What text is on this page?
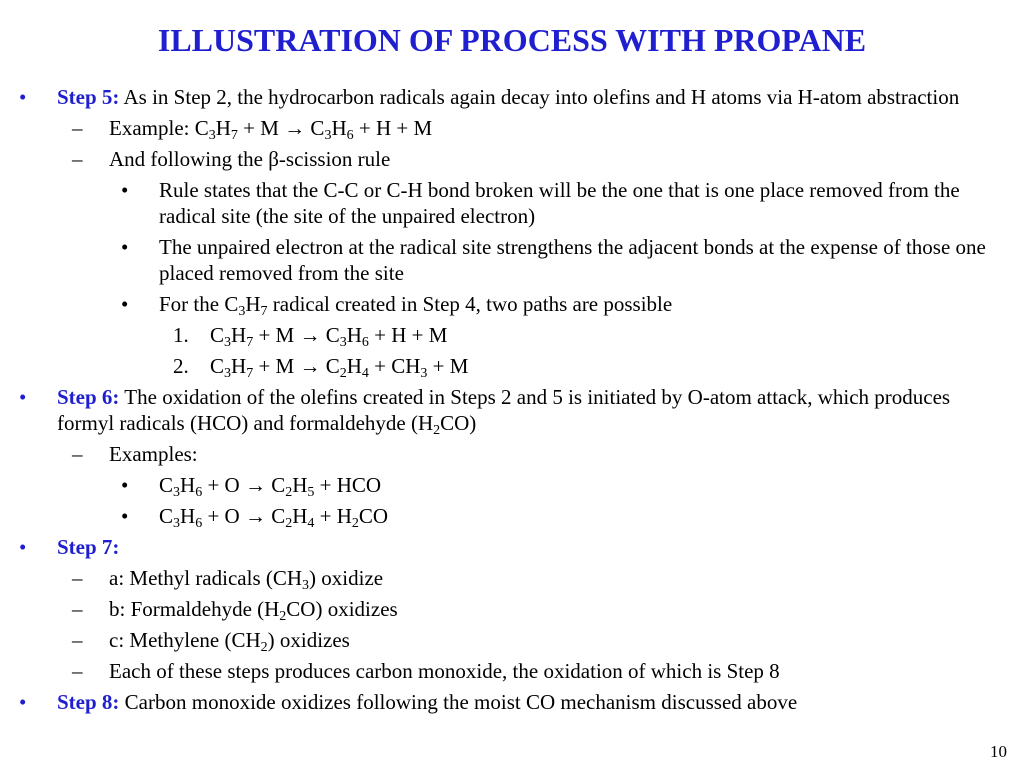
ILLUSTRATION OF PROCESS WITH PROPANE
• Step 5: As in Step 2, the hydrocarbon radicals again decay into olefins and H atoms via H-atom abstraction
– Example: $C_3H_7 + M \to C_3H_6 + H + M$
– And following the β-scission rule
• Rule states that the C-C or C-H bond broken will be the one that is one place removed from the radical site (the site of the unpaired electron)
• The unpaired electron at the radical site strengthens the adjacent bonds at the expense of those one placed removed from the site
• For the $C_3H_7$ radical created in Step 4, two paths are possible
1. $C_3H_7 + M \to C_3H_6 + H + M$
2. $C_3H_7 + M \to C_2H_4 + CH_3 + M$
• Step 6: The oxidation of the olefins created in Steps 2 and 5 is initiated by O-atom attack, which produces formyl radicals (HCO) and formaldehyde $(H_2CO)$
– Examples:
• $C_3H_6 + O \to C_2H_5$ + HCO
• $C_3H_6 + O \to C_2H_4 + H_2CO$
• Step 7:
– a: Methyl radicals $(CH_3)$ oxidize
– b: Formaldehyde $(H_2CO)$ oxidizes
– c: Methylene $(CH_2)$ oxidizes
– Each of these steps produces carbon monoxide, the oxidation of which is Step 8
• Step 8: Carbon monoxide oxidizes following the moist CO mechanism discussed above
10
